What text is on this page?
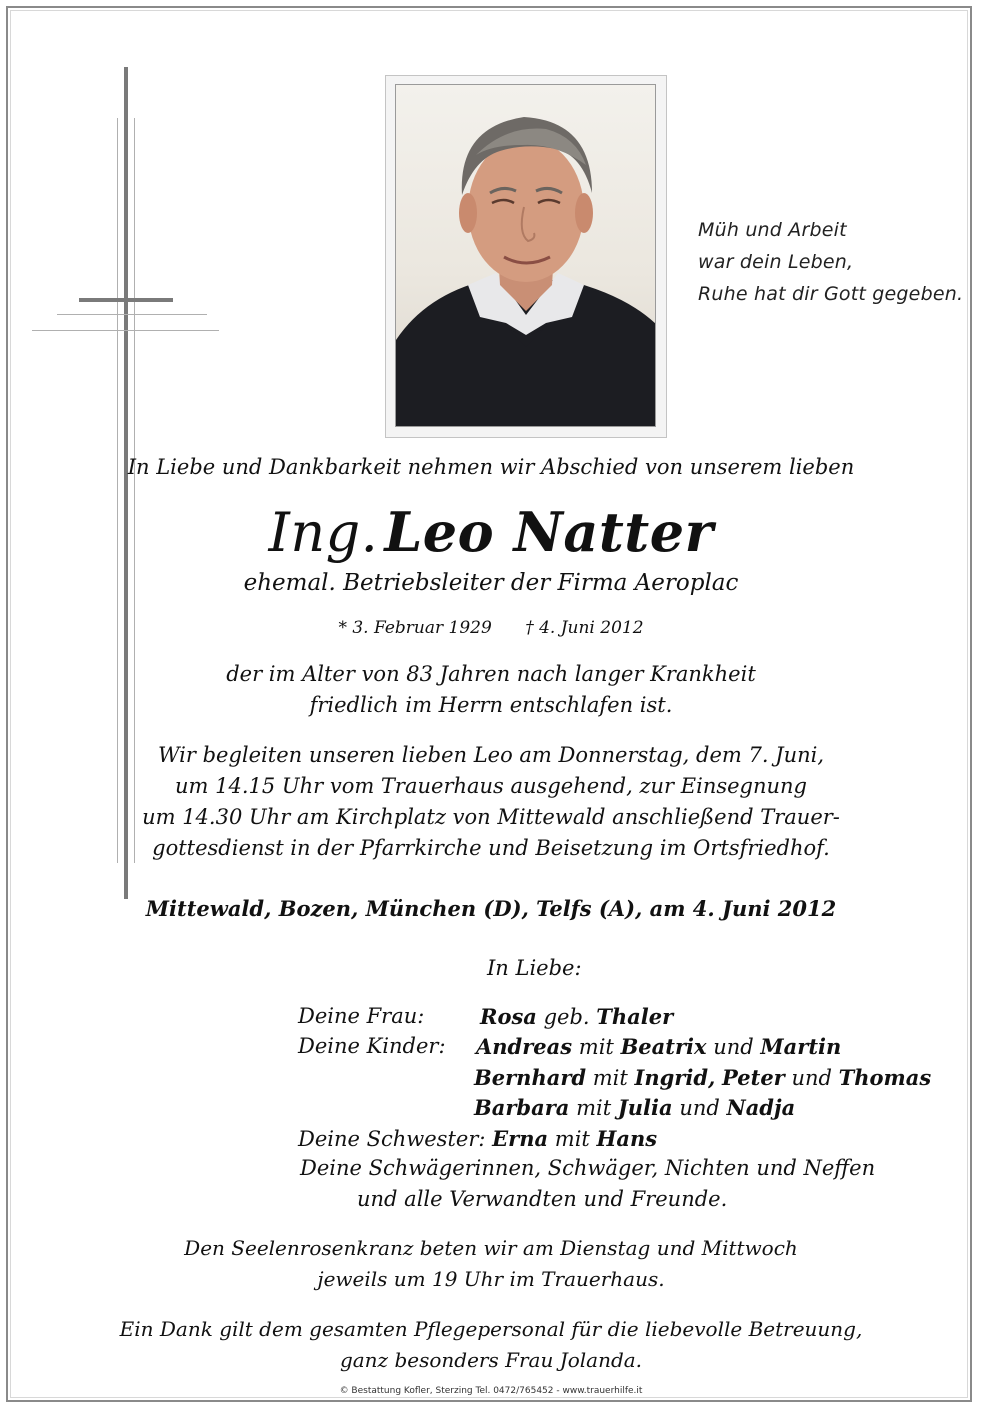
Müh und Arbeit
war dein Leben,
Ruhe hat dir Gott gegeben.
In Liebe und Dankbarkeit nehmen wir Abschied von unserem lieben
Ing. Leo Natter
ehemal. Betriebsleiter der Firma Aeroplac
* 3. Februar 1929 † 4. Juni 2012
der im Alter von 83 Jahren nach langer Krankheit
friedlich im Herrn entschlafen ist.
Wir begleiten unseren lieben Leo am Donnerstag, dem 7. Juni,
um 14.15 Uhr vom Trauerhaus ausgehend, zur Einsegnung
um 14.30 Uhr am Kirchplatz von Mittewald anschließend Trauer-
gottesdienst in der Pfarrkirche und Beisetzung im Ortsfriedhof.
Mittewald, Bozen, München (D), Telfs (A), am 4. Juni 2012
In Liebe:
Deine Frau:	Rosa geb. Thaler
Deine Kinder: Andreas mit Beatrix und Martin
Bernhard mit Ingrid, Peter und Thomas
Barbara mit Julia und Nadja
Deine Schwester: Erna mit Hans
Deine Schwägerinnen, Schwäger, Nichten und Neffen
und alle Verwandten und Freunde.
Den Seelenrosenkranz beten wir am Dienstag und Mittwoch
jeweils um 19 Uhr im Trauerhaus.
Ein Dank gilt dem gesamten Pflegepersonal für die liebevolle Betreuung,
ganz besonders Frau Jolanda.
© Bestattung Kofler, Sterzing Tel. 0472/765452 - www.trauerhilfe.it
